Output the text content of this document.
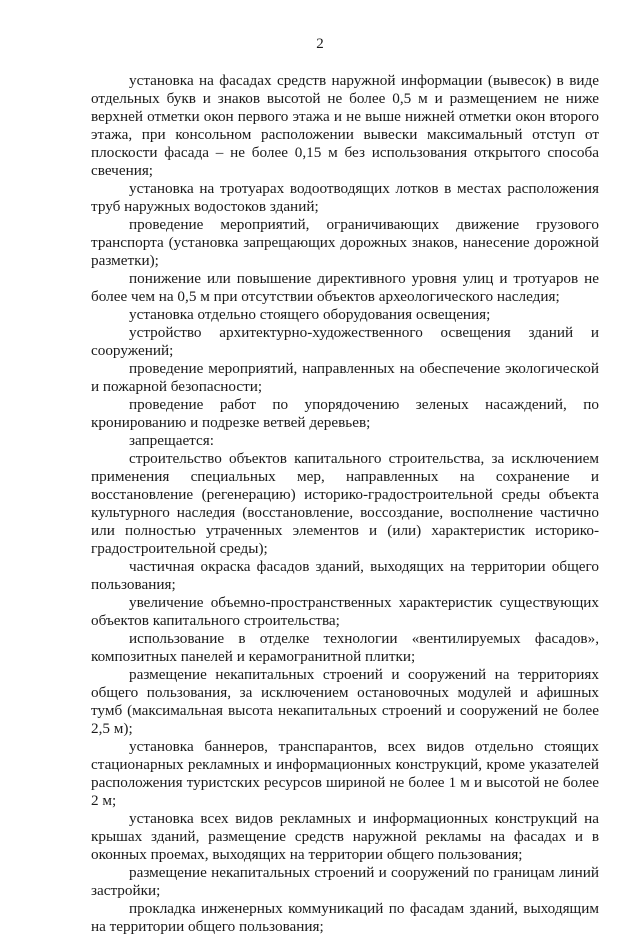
2

установка на фасадах средств наружной информации (вывесок) в виде отдельных букв и знаков высотой не более 0,5 м и размещением не ниже верхней отметки окон первого этажа и не выше нижней отметки окон второго этажа, при консольном расположении вывески максимальный отступ от плоскости фасада – не более 0,15 м без использования открытого способа свечения;

установка на тротуарах водоотводящих лотков в местах расположения труб наружных водостоков зданий;

проведение мероприятий, ограничивающих движение грузового транспорта (установка запрещающих дорожных знаков, нанесение дорожной разметки);

понижение или повышение директивного уровня улиц и тротуаров не более чем на 0,5 м при отсутствии объектов археологического наследия;

установка отдельно стоящего оборудования освещения;

устройство архитектурно-художественного освещения зданий и сооружений;

проведение мероприятий, направленных на обеспечение экологической и пожарной безопасности;

проведение работ по упорядочению зеленых насаждений, по кронированию и подрезке ветвей деревьев;

запрещается:

строительство объектов капитального строительства, за исключением применения специальных мер, направленных на сохранение и восстановление (регенерацию) историко-градостроительной среды объекта культурного наследия (восстановление, воссоздание, восполнение частично или полностью утраченных элементов и (или) характеристик историко-градостроительной среды);

частичная окраска фасадов зданий, выходящих на территории общего пользования;

увеличение объемно-пространственных характеристик существующих объектов капитального строительства;

использование в отделке технологии «вентилируемых фасадов», композитных панелей и керамогранитной плитки;

размещение некапитальных строений и сооружений на территориях общего пользования, за исключением остановочных модулей и афишных тумб (максимальная высота некапитальных строений и сооружений не более 2,5 м);

установка баннеров, транспарантов, всех видов отдельно стоящих стационарных рекламных и информационных конструкций, кроме указателей расположения туристских ресурсов шириной не более 1 м и высотой не более 2 м;

установка всех видов рекламных и информационных конструкций на крышах зданий, размещение средств наружной рекламы на фасадах и в оконных проемах, выходящих на территории общего пользования;

размещение некапитальных строений и сооружений по границам линий застройки;

прокладка инженерных коммуникаций по фасадам зданий, выходящим на территории общего пользования;
